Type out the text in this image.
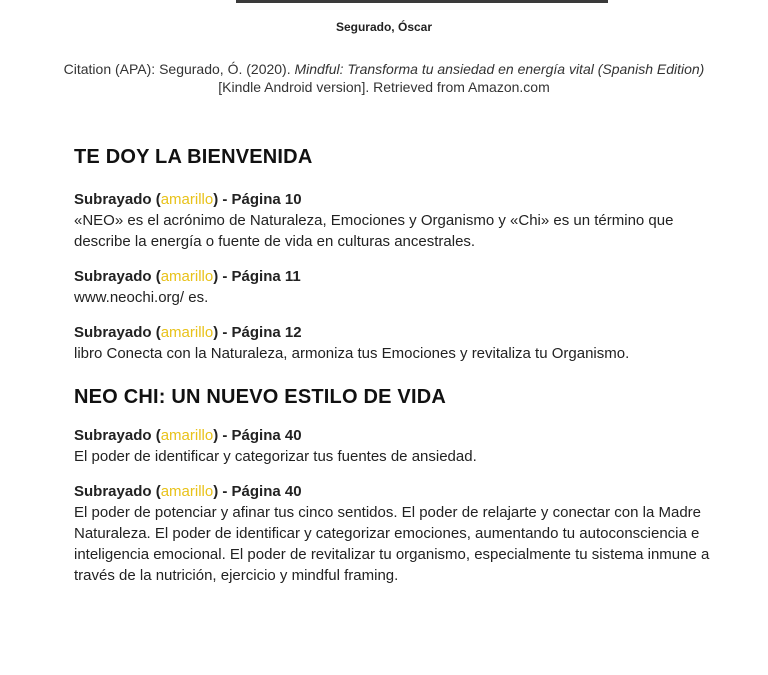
Segurado, Óscar
Citation (APA): Segurado, Ó. (2020). Mindful: Transforma tu ansiedad en energía vital (Spanish Edition) [Kindle Android version]. Retrieved from Amazon.com
TE DOY LA BIENVENIDA
Subrayado (amarillo) - Página 10

«NEO» es el acrónimo de Naturaleza, Emociones y Organismo y «Chi» es un término que describe la energía o fuente de vida en culturas ancestrales.

Subrayado (amarillo) - Página 11

www.neochi.org/ es.

Subrayado (amarillo) - Página 12

libro Conecta con la Naturaleza, armoniza tus Emociones y revitaliza tu Organismo.

NEO CHI: UN NUEVO ESTILO DE VIDA
Subrayado (amarillo) - Página 40

El poder de identificar y categorizar tus fuentes de ansiedad.

Subrayado (amarillo) - Página 40

El poder de potenciar y afinar tus cinco sentidos. El poder de relajarte y conectar con la Madre Naturaleza. El poder de identificar y categorizar emociones, aumentando tu autoconsciencia e inteligencia emocional. El poder de revitalizar tu organismo, especialmente tu sistema inmune a través de la nutrición, ejercicio y mindful framing.
